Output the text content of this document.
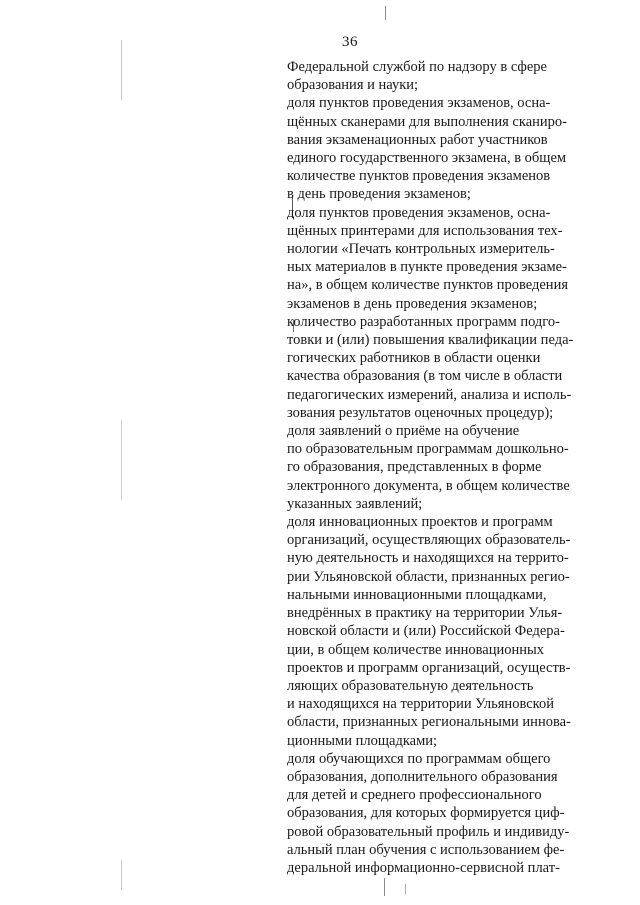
36

Федеральной службой по надзору в сфере
образования и науки;

доля пунктов проведения экзаменов, осна-
щённых сканерами для выполнения сканиро-
вания экзаменационных работ участников
единого государственного экзамена, в общем
количестве пунктов проведения экзаменов
в день проведения экзаменов;

доля пунктов проведения экзаменов, осна-
щённых принтерами для использования тех-
нологии «Печать контрольных измеритель-
ных материалов в пункте проведения экзаме-
на», в общем количестве пунктов проведения
экзаменов в день проведения экзаменов;

количество разработанных программ подго-
товки и (или) повышения квалификации педа-
гогических работников в области оценки
качества образования (в том числе в области
педагогических измерений, анализа и исполь-
зования результатов оценочных процедур);

доля заявлений о приёме на обучение
по образовательным программам дошкольно-
го образования, представленных в форме
электронного документа, в общем количестве
указанных заявлений;

доля инновационных проектов и программ
организаций, осуществляющих образователь-
ную деятельность и находящихся на террито-
рии Ульяновской области, признанных регио-
нальными инновационными площадками,
внедрённых в практику на территории Улья-
новской области и (или) Российской Федера-
ции, в общем количестве инновационных
проектов и программ организаций, осуществ-
ляющих образовательную деятельность
и находящихся на территории Ульяновской
области, признанных региональными иннова-
ционными площадками;

доля обучающихся по программам общего
образования, дополнительного образования
для детей и среднего профессионального
образования, для которых формируется циф-
ровой образовательный профиль и индивиду-
альный план обучения с использованием фе-
деральной информационно-сервисной плат-
